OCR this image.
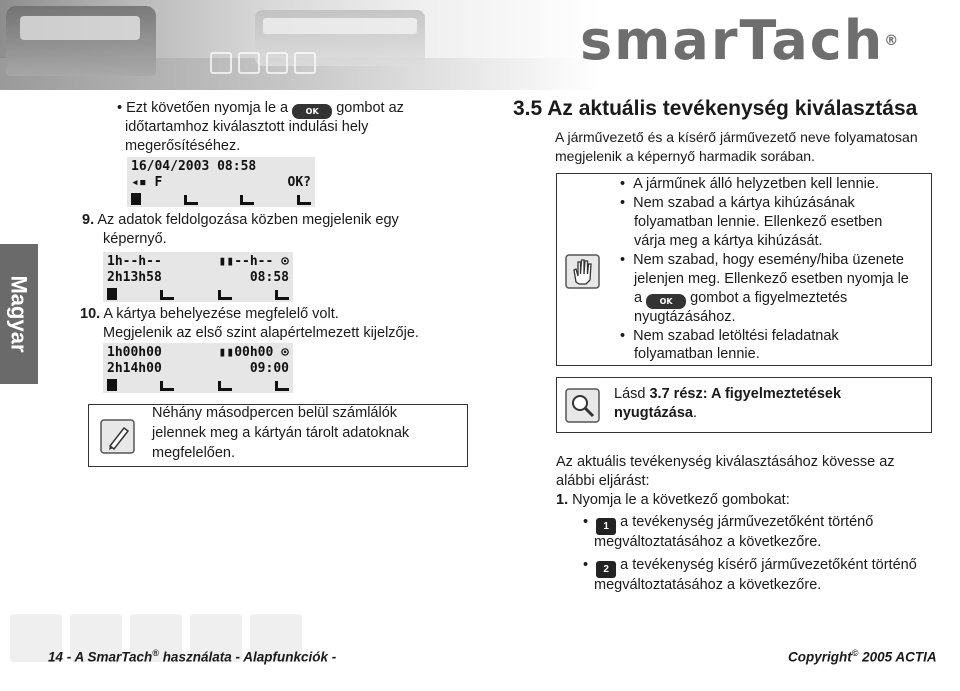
smarTach®
Magyar
• Ezt követően nyomja le a OK gombot az
időtartamhoz kiválasztott indulási hely
megerősítéséhez.
16/04/2003 08:58
◂▪ F	OK?
9. Az adatok feldolgozása közben megjelenik egy
képernyő.
1h--h--	▮▮--h-- ⊙
2h13h58	08:58
10. A kártya behelyezése megfelelő volt.
Megjelenik az első szint alapértelmezett kijelzője.
1h00h00	▮▮00h00 ⊙
2h14h00	09:00
Néhány másodpercen belül számlálók
jelennek meg a kártyán tárolt adatoknak
megfelelően.
3.5 Az aktuális tevékenység kiválasztása
A járművezető és a kísérő járművezető neve folyamatosan
megjelenik a képernyő harmadik sorában.
•  A járműnek álló helyzetben kell lennie.
•  Nem szabad a kártya kihúzásának
folyamatban lennie. Ellenkező esetben
várja meg a kártya kihúzását.
•  Nem szabad, hogy esemény/hiba üzenete
jelenjen meg. Ellenkező esetben nyomja le
a OK gombot a figyelmeztetés
nyugtázásához.
•  Nem szabad letöltési feladatnak
folyamatban lennie.
Lásd 3.7 rész: A figyelmeztetések
nyugtázása.
Az aktuális tevékenység kiválasztásához kövesse az
alábbi eljárást:
1. Nyomja le a következő gombokat:
•  1 a tevékenység járművezetőként történő
megváltoztatásához a következőre.
•  2 a tevékenység kísérő járművezetőként történő
megváltoztatásához a következőre.
14 - A SmarTach® használata - Alapfunkciók -	Copyright© 2005 ACTIA
